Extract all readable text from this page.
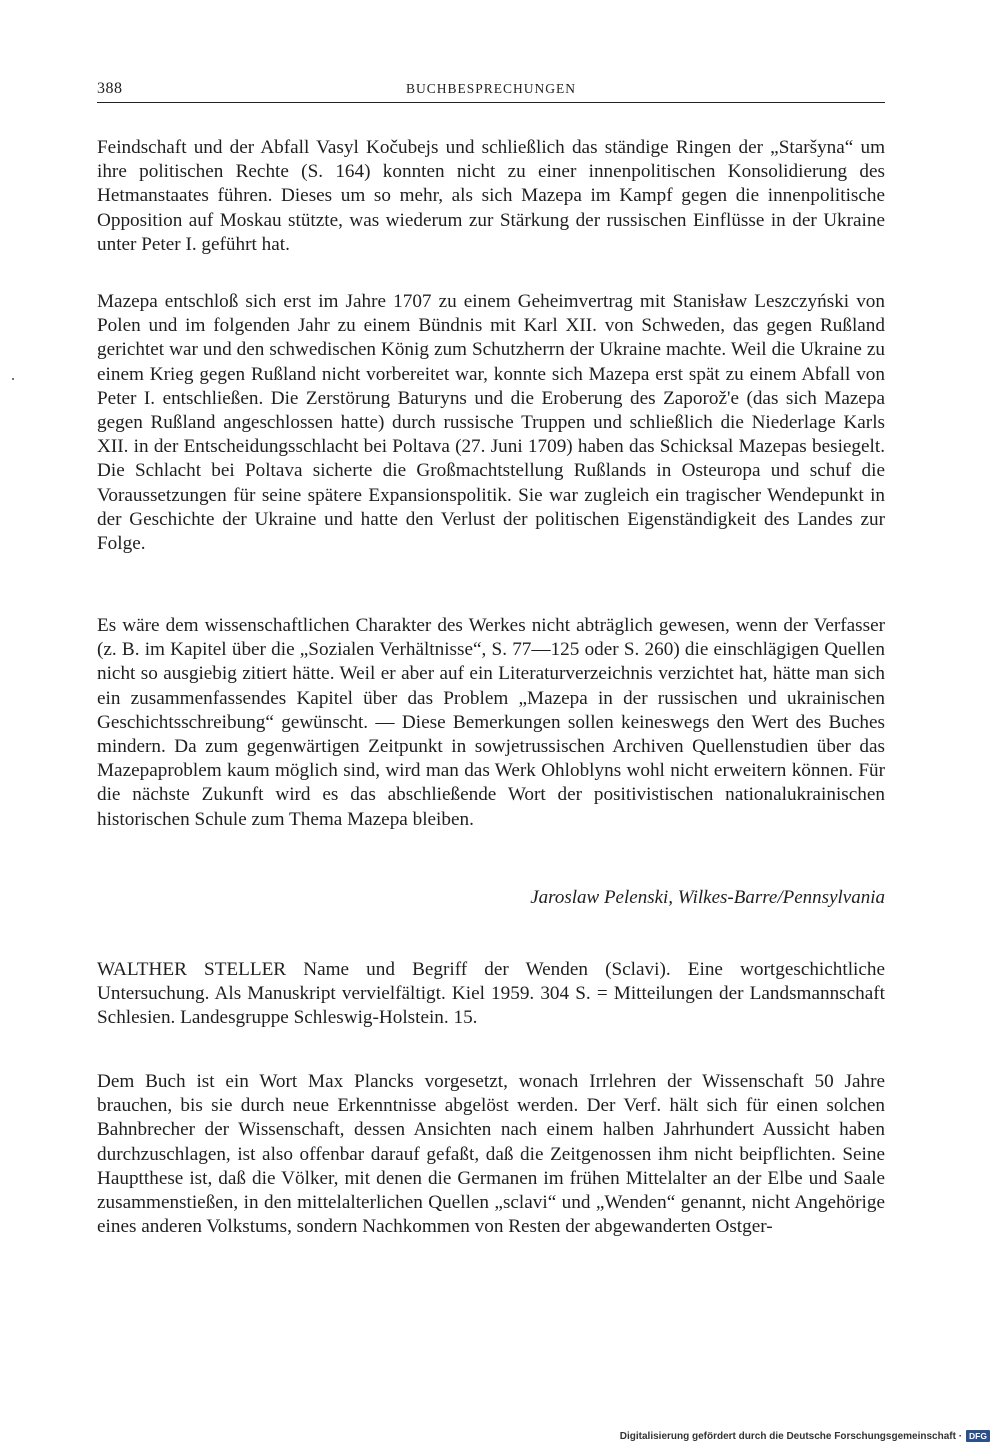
388	BUCHBESPRECHUNGEN

Feindschaft und der Abfall Vasyl Kočubejs und schließlich das ständige Ringen der „Staršyna“ um ihre politischen Rechte (S. 164) konnten nicht zu einer innenpolitischen Konsolidierung des Hetmanstaates führen. Dieses um so mehr, als sich Mazepa im Kampf gegen die innenpolitische Opposition auf Moskau stützte, was wiederum zur Stärkung der russischen Einflüsse in der Ukraine unter Peter I. geführt hat.

Mazepa entschloß sich erst im Jahre 1707 zu einem Geheimvertrag mit Stanisław Leszczyński von Polen und im folgenden Jahr zu einem Bündnis mit Karl XII. von Schweden, das gegen Rußland gerichtet war und den schwedischen König zum Schutzherrn der Ukraine machte. Weil die Ukraine zu einem Krieg gegen Rußland nicht vorbereitet war, konnte sich Mazepa erst spät zu einem Abfall von Peter I. entschließen. Die Zerstörung Baturyns und die Eroberung des Zaporož'e (das sich Mazepa gegen Rußland angeschlossen hatte) durch russische Truppen und schließlich die Niederlage Karls XII. in der Entscheidungsschlacht bei Poltava (27. Juni 1709) haben das Schicksal Mazepas besiegelt. Die Schlacht bei Poltava sicherte die Großmachtstellung Rußlands in Osteuropa und schuf die Voraussetzungen für seine spätere Expansionspolitik. Sie war zugleich ein tragischer Wendepunkt in der Geschichte der Ukraine und hatte den Verlust der politischen Eigenständigkeit des Landes zur Folge.

Es wäre dem wissenschaftlichen Charakter des Werkes nicht abträglich gewesen, wenn der Verfasser (z. B. im Kapitel über die „Sozialen Verhältnisse“, S. 77—125 oder S. 260) die einschlägigen Quellen nicht so ausgiebig zitiert hätte. Weil er aber auf ein Literaturverzeichnis verzichtet hat, hätte man sich ein zusammenfassendes Kapitel über das Problem „Mazepa in der russischen und ukrainischen Geschichtsschreibung“ gewünscht. — Diese Bemerkungen sollen keineswegs den Wert des Buches mindern. Da zum gegenwärtigen Zeitpunkt in sowjetrussischen Archiven Quellenstudien über das Mazepaproblem kaum möglich sind, wird man das Werk Ohloblyns wohl nicht erweitern können. Für die nächste Zukunft wird es das abschließende Wort der positivistischen nationalukrainischen historischen Schule zum Thema Mazepa bleiben.

Jaroslaw Pelenski, Wilkes-Barre/Pennsylvania

WALTHER STELLER Name und Begriff der Wenden (Sclavi). Eine wortgeschichtliche Untersuchung. Als Manuskript vervielfältigt. Kiel 1959. 304 S. = Mitteilungen der Landsmannschaft Schlesien. Landesgruppe Schleswig-Holstein. 15.

Dem Buch ist ein Wort Max Plancks vorgesetzt, wonach Irrlehren der Wissenschaft 50 Jahre brauchen, bis sie durch neue Erkenntnisse abgelöst werden. Der Verf. hält sich für einen solchen Bahnbrecher der Wissenschaft, dessen Ansichten nach einem halben Jahrhundert Aussicht haben durchzuschlagen, ist also offenbar darauf gefaßt, daß die Zeitgenossen ihm nicht beipflichten. Seine Hauptthese ist, daß die Völker, mit denen die Germanen im frühen Mittelalter an der Elbe und Saale zusammenstießen, in den mittelalterlichen Quellen „sclavi“ und „Wenden“ genannt, nicht Angehörige eines anderen Volkstums, sondern Nachkommen von Resten der abgewanderten Ostger-

Digitalisierung gefördert durch die Deutsche Forschungsgemeinschaft · DFG
